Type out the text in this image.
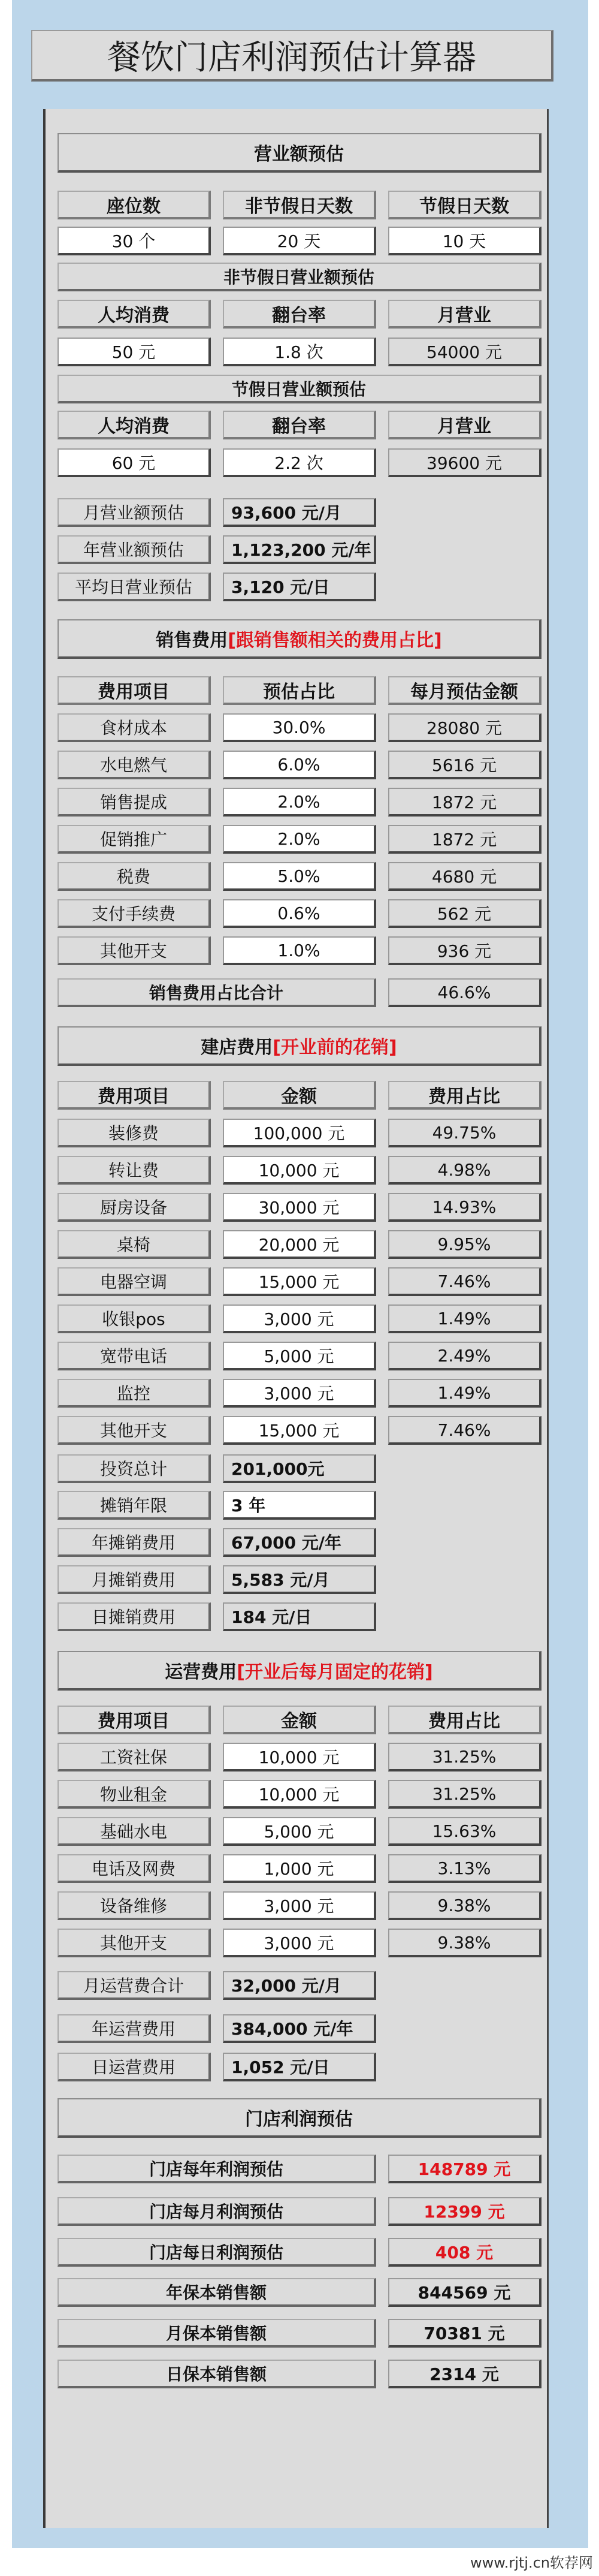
餐饮门店利润预估计算器
营业额预估
座位数	非节假日天数	节假日天数
30 个	20 天	10 天
非节假日营业额预估
人均消费	翻台率	月营业
50 元	1.8 次	54000 元
节假日营业额预估
人均消费	翻台率	月营业
60 元	2.2 次	39600 元
月营业额预估	93,600 元/月
年营业额预估	1,123,200 元/年
平均日营业预估	3,120 元/日
销售费用 [跟销售额相关的费用占比]
费用项目	预估占比	每月预估金额
食材成本	30.0%	28080 元
水电燃气	6.0%	5616 元
销售提成	2.0%	1872 元
促销推广	2.0%	1872 元
税费	5.0%	4680 元
支付手续费	0.6%	562 元
其他开支	1.0%	936 元
销售费用占比合计	46.6%
建店费用 [开业前的花销]
费用项目	金额	费用占比
装修费	100,000 元	49.75%
转让费	10,000 元	4.98%
厨房设备	30,000 元	14.93%
桌椅	20,000 元	9.95%
电器空调	15,000 元	7.46%
收银pos	3,000 元	1.49%
宽带电话	5,000 元	2.49%
监控	3,000 元	1.49%
其他开支	15,000 元	7.46%
投资总计	201,000元
摊销年限	3 年
年摊销费用	67,000 元/年
月摊销费用	5,583 元/月
日摊销费用	184 元/日
运营费用 [开业后每月固定的花销]
费用项目	金额	费用占比
工资社保	10,000 元	31.25%
物业租金	10,000 元	31.25%
基础水电	5,000 元	15.63%
电话及网费	1,000 元	3.13%
设备维修	3,000 元	9.38%
其他开支	3,000 元	9.38%
月运营费合计	32,000 元/月
年运营费用	384,000 元/年
日运营费用	1,052 元/日
门店利润预估
门店每年利润预估	148789 元
门店每月利润预估	12399 元
门店每日利润预估	408 元
年保本销售额	844569 元
月保本销售额	70381 元
日保本销售额	2314 元
www.rjtj.cn软荐网
